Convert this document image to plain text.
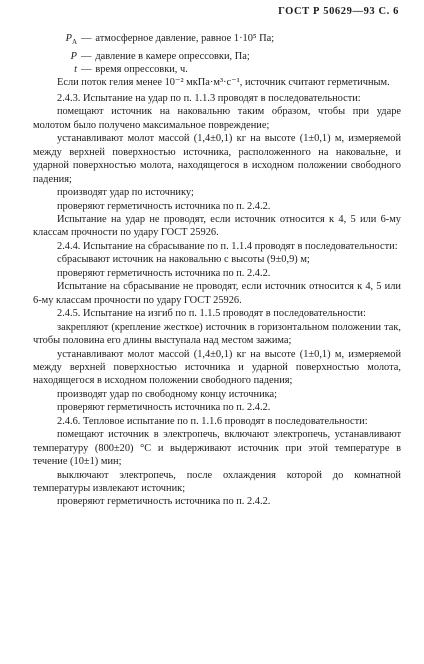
ГОСТ Р 50629—93 С. 6
$P_A$ — атмосферное давление, равное 1·10⁵ Па;
P — давление в камере опрессовки, Па;
t — время опрессовки, ч.

Если поток гелия менее 10⁻² мкПа·м³·с⁻¹, источник считают герметичным.

2.4.3. Испытание на удар по п. 1.1.3 проводят в последовательности:

помещают источник на наковальню таким образом, чтобы при ударе молотом было получено максимальное повреждение;

устанавливают молот массой (1,4±0,1) кг на высоте (1±0,1) м, измеряемой между верхней поверхностью источника, расположенного на наковальне, и ударной поверхностью молота, находящегося в исходном положении свободного падения;

производят удар по источнику;

проверяют герметичность источника по п. 2.4.2.

Испытание на удар не проводят, если источник относится к 4, 5 или 6-му классам прочности по удару ГОСТ 25926.

2.4.4. Испытание на сбрасывание по п. 1.1.4 проводят в последовательности:

сбрасывают источник на наковальню с высоты (9±0,9) м;

проверяют герметичность источника по п. 2.4.2.

Испытание на сбрасывание не проводят, если источник относится к 4, 5 или 6-му классам прочности по удару ГОСТ 25926.

2.4.5. Испытание на изгиб по п. 1.1.5 проводят в последовательности:

закрепляют (крепление жесткое) источник в горизонтальном положении так, чтобы половина его длины выступала над местом зажима;

устанавливают молот массой (1,4±0,1) кг на высоте (1±0,1) м, измеряемой между верхней поверхностью источника и ударной поверхностью молота, находящегося в исходном положении свободного падения;

производят удар по свободному концу источника;

проверяют герметичность источника по п. 2.4.2.

2.4.6. Тепловое испытание по п. 1.1.6 проводят в последовательности:

помещают источник в электропечь, включают электропечь, устанавливают температуру (800±20) °С и выдерживают источник при этой температуре в течение (10±1) мин;

выключают электропечь, после охлаждения которой до комнатной температуры извлекают источник;

проверяют герметичность источника по п. 2.4.2.
